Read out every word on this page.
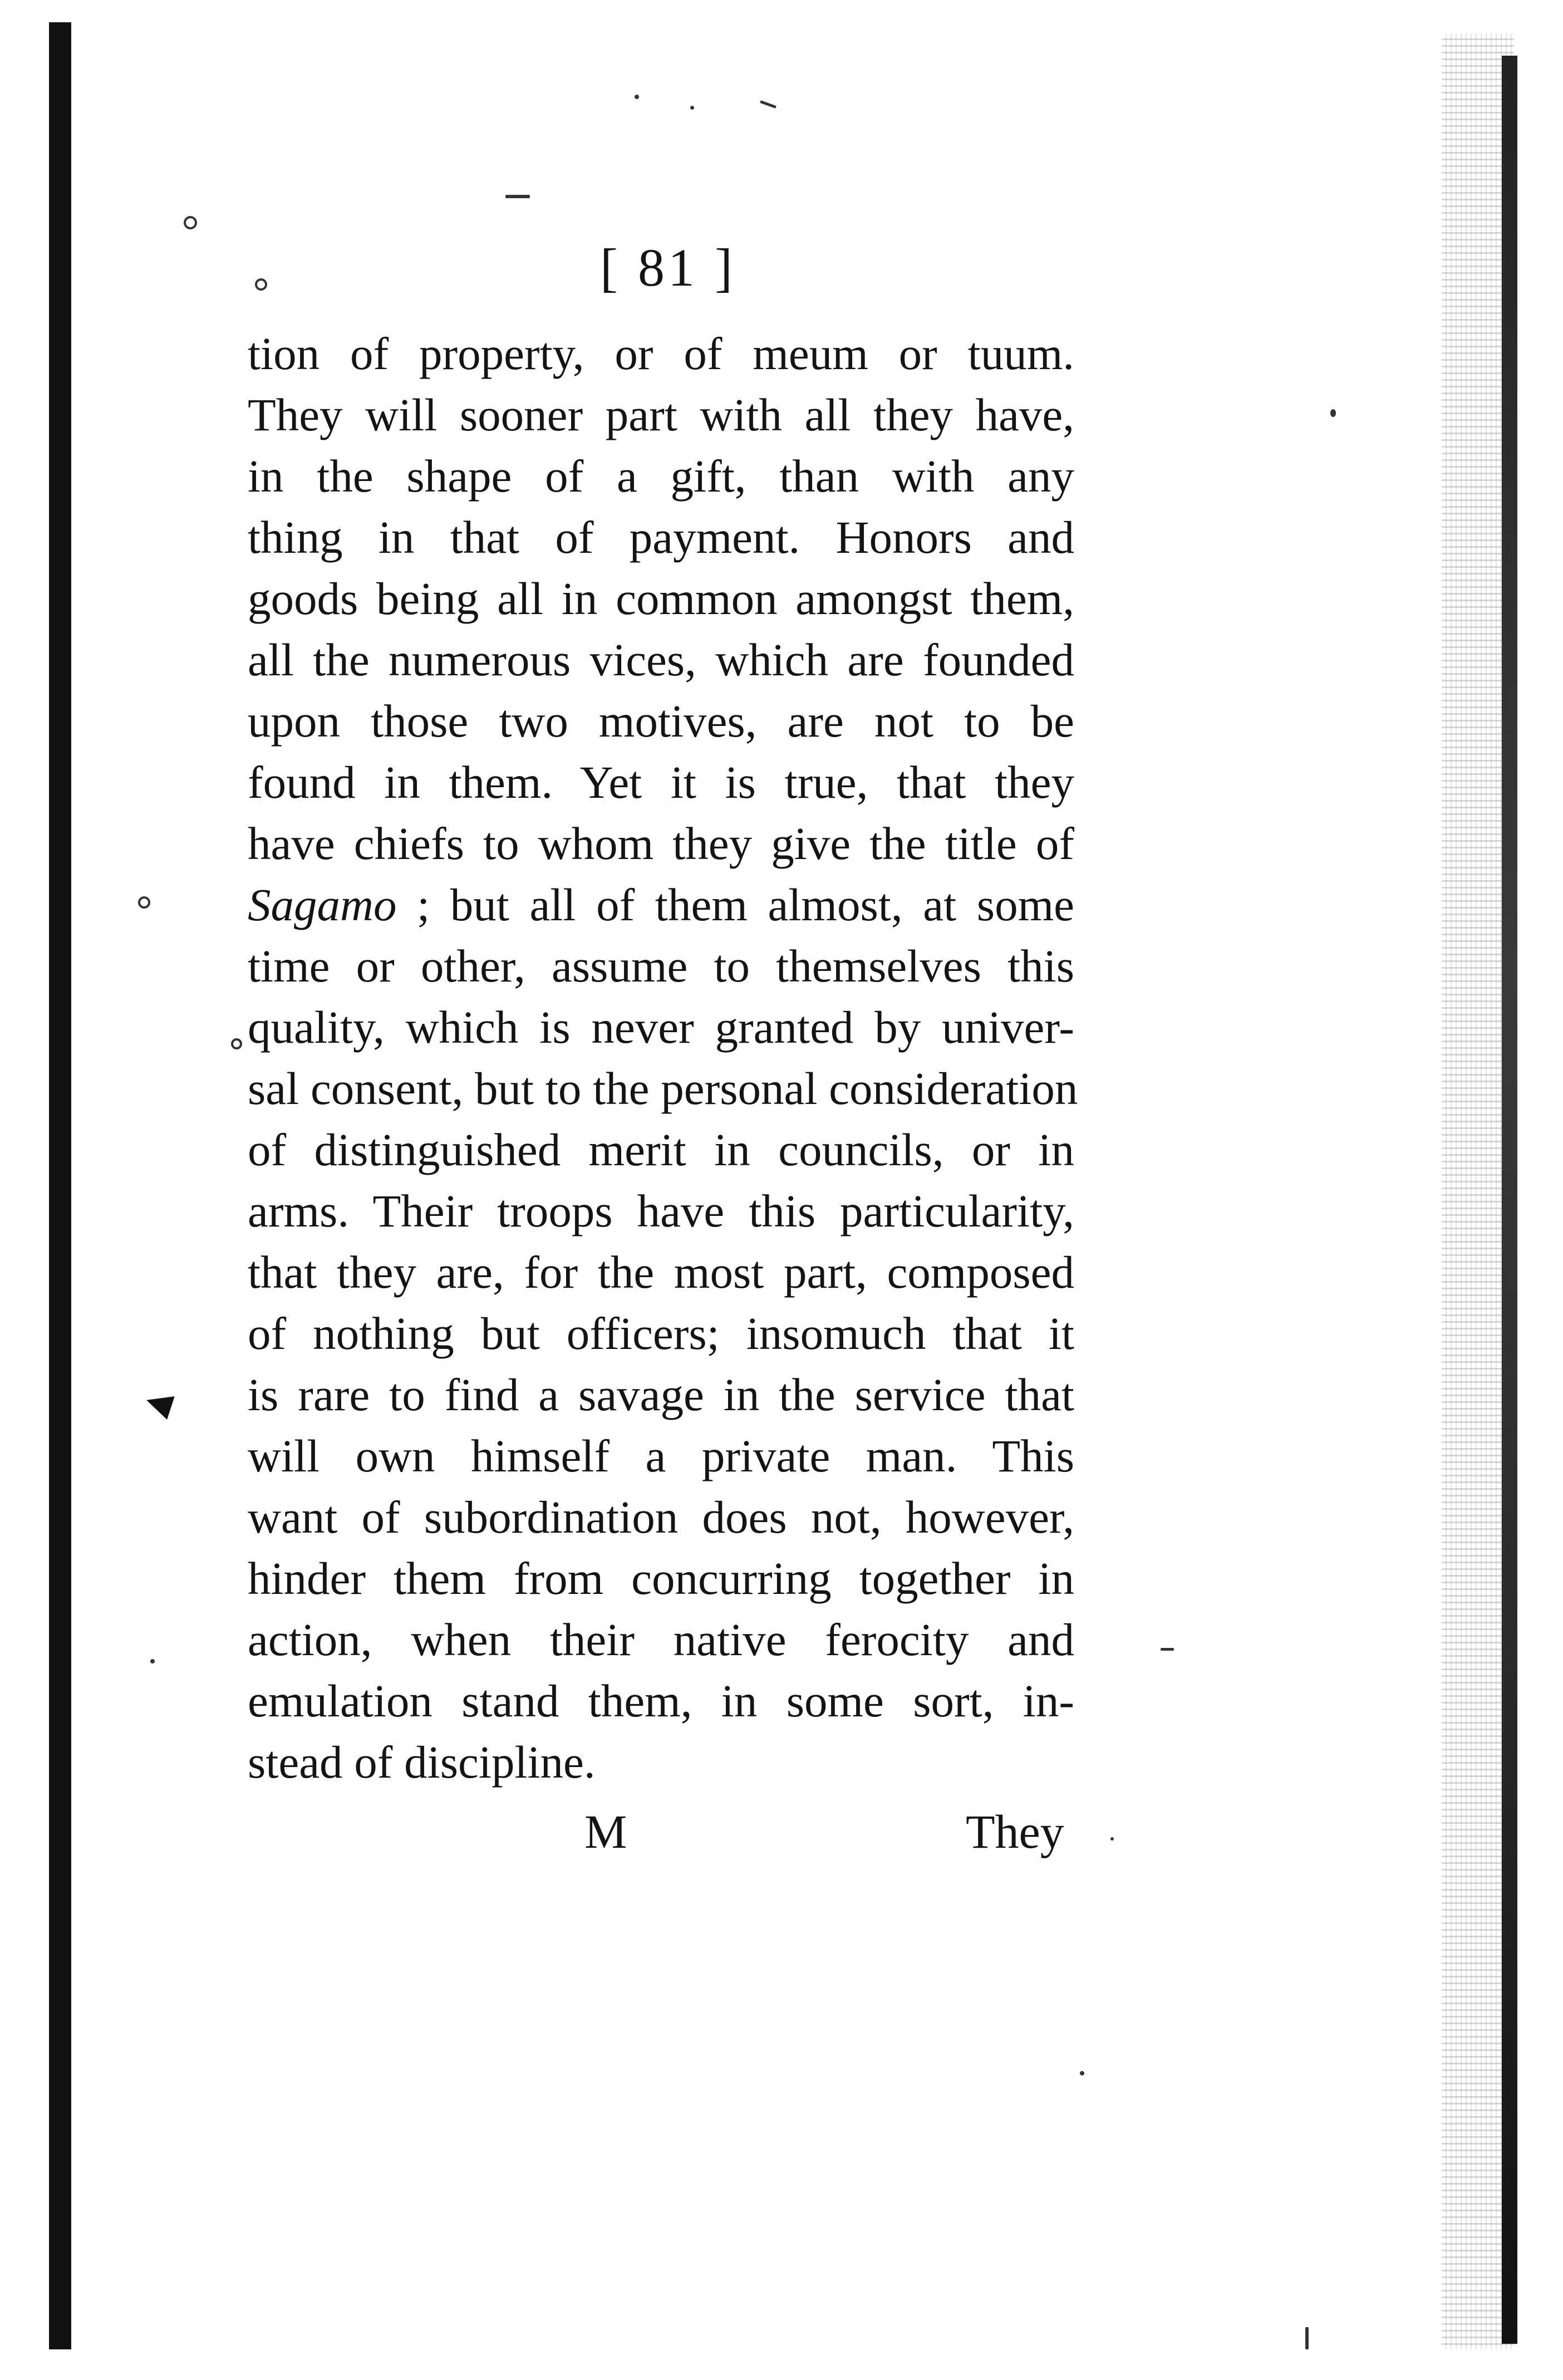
[ 81 ]
tion of property, or of meum or tuum.
They will sooner part with all they have,
in the shape of a gift, than with any
thing in that of payment. Honors and
goods being all in common amongst them,
all the numerous vices, which are founded
upon those two motives, are not to be
found in them. Yet it is true, that they
have chiefs to whom they give the title of
Sagamo ; but all of them almost, at some
time or other, assume to themselves this
quality, which is never granted by univer-
sal consent, but to the personal consideration
of distinguished merit in councils, or in
arms. Their troops have this particularity,
that they are, for the most part, composed
of nothing but officers; insomuch that it
is rare to find a savage in the service that
will own himself a private man. This
want of subordination does not, however,
hinder them from concurring together in
action, when their native ferocity and
emulation stand them, in some sort, in-
stead of discipline.
M	They
